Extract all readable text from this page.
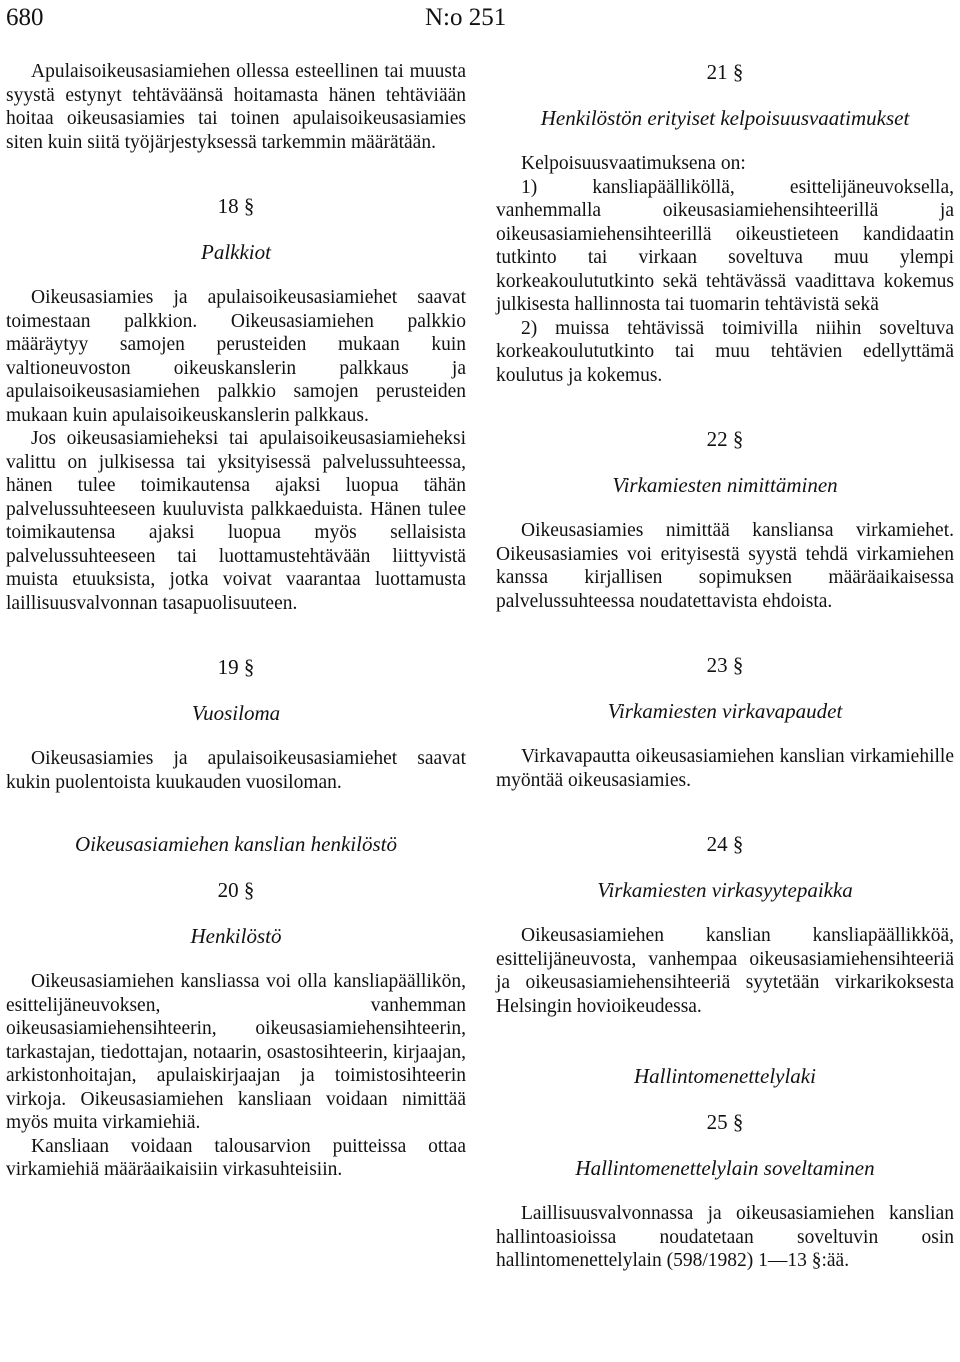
680	N:o 251

Apulaisoikeusasiamiehen ollessa esteellinen tai muusta syystä estynyt tehtäväänsä hoitamasta hänen tehtäviään hoitaa oikeusasiamies tai toinen apulaisoikeusasiamies siten kuin siitä työjärjestyksessä tarkemmin määrätään.

18 §
Palkkiot

Oikeusasiamies ja apulaisoikeusasiamiehet saavat toimestaan palkkion. Oikeusasiamiehen palkkio määräytyy samojen perusteiden mukaan kuin valtioneuvoston oikeuskanslerin palkkaus ja apulaisoikeusasiamiehen palkkio samojen perusteiden mukaan kuin apulaisoikeuskanslerin palkkaus.

Jos oikeusasiamieheksi tai apulaisoikeusasiamieheksi valittu on julkisessa tai yksityisessä palvelussuhteessa, hänen tulee toimikautensa ajaksi luopua tähän palvelussuhteeseen kuuluvista palkkaeduista. Hänen tulee toimikautensa ajaksi luopua myös sellaisista palvelussuhteeseen tai luottamustehtävään liittyvistä muista etuuksista, jotka voivat vaarantaa luottamusta laillisuusvalvonnan tasapuolisuuteen.

19 §
Vuosiloma

Oikeusasiamies ja apulaisoikeusasiamiehet saavat kukin puolentoista kuukauden vuosiloman.

Oikeusasiamiehen kanslian henkilöstö
20 §
Henkilöstö

Oikeusasiamiehen kansliassa voi olla kansliapäällikön, esittelijäneuvoksen, vanhemman oikeusasiamiehensihteerin, oikeusasiamiehensihteerin, tarkastajan, tiedottajan, notaarin, osastosihteerin, kirjaajan, arkistonhoitajan, apulaiskirjaajan ja toimistosihteerin virkoja. Oikeusasiamiehen kansliaan voidaan nimittää myös muita virkamiehiä.

Kansliaan voidaan talousarvion puitteissa ottaa virkamiehiä määräaikaisiin virkasuhteisiin.

21 §
Henkilöstön erityiset kelpoisuusvaatimukset

Kelpoisuusvaatimuksena on:

1) kansliapäälliköllä, esittelijäneuvoksella, vanhemmalla oikeusasiamiehensihteerillä ja oikeusasiamiehensihteerillä oikeustieteen kandidaatin tutkinto tai virkaan soveltuva muu ylempi korkeakoulututkinto sekä tehtävässä vaadittava kokemus julkisesta hallinnosta tai tuomarin tehtävistä sekä

2) muissa tehtävissä toimivilla niihin soveltuva korkeakoulututkinto tai muu tehtävien edellyttämä koulutus ja kokemus.

22 §
Virkamiesten nimittäminen

Oikeusasiamies nimittää kansliansa virkamiehet. Oikeusasiamies voi erityisestä syystä tehdä virkamiehen kanssa kirjallisen sopimuksen määräaikaisessa palvelussuhteessa noudatettavista ehdoista.

23 §
Virkamiesten virkavapaudet

Virkavapautta oikeusasiamiehen kanslian virkamiehille myöntää oikeusasiamies.

24 §
Virkamiesten virkasyytepaikka

Oikeusasiamiehen kanslian kansliapäällikköä, esittelijäneuvosta, vanhempaa oikeusasiamiehensihteeriä ja oikeusasiamiehensihteeriä syytetään virkarikoksesta Helsingin hovioikeudessa.

Hallintomenettelylaki
25 §
Hallintomenettelylain soveltaminen

Laillisuusvalvonnassa ja oikeusasiamiehen kanslian hallintoasioissa noudatetaan soveltuvin osin hallintomenettelylain (598/1982) 1—13 §:ää.
